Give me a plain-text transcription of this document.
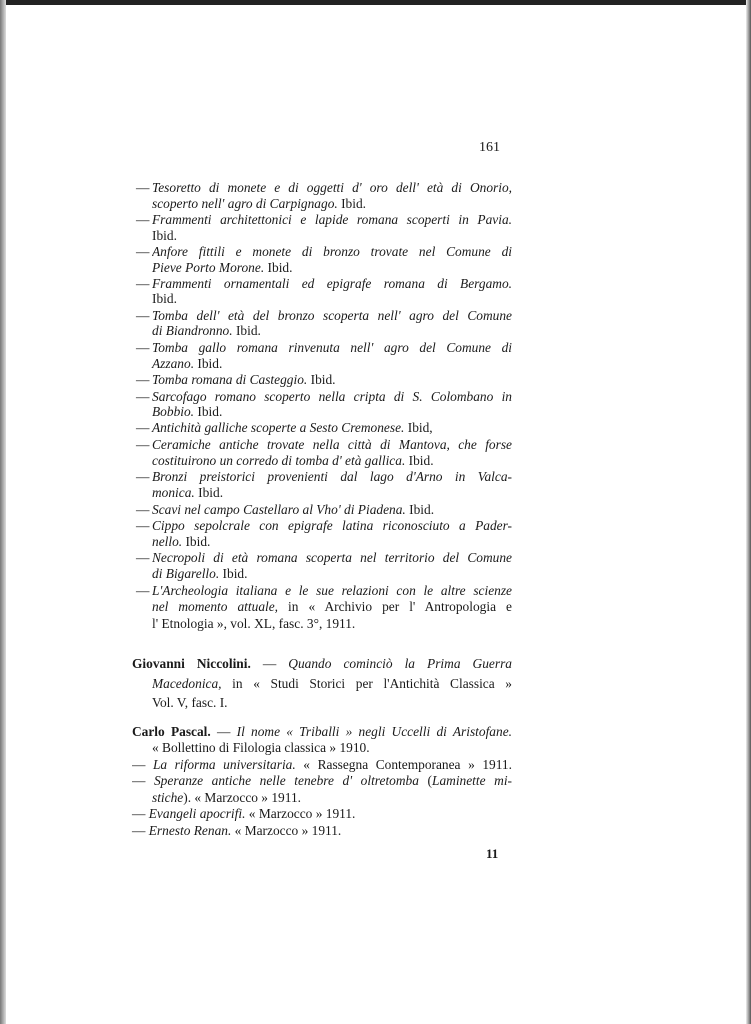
161
11
— Tesoretto di monete e di oggetti d' oro dell' età di Onorio,
scoperto nell' agro di Carpignago. Ibid.
— Frammenti architettonici e lapide romana scoperti in Pavia.
Ibid.
— Anfore fittili e monete di bronzo trovate nel Comune di
Pieve Porto Morone. Ibid.
— Frammenti ornamentali ed epigrafe romana di Bergamo.
Ibid.
— Tomba dell' età del bronzo scoperta nell' agro del Comune
di Biandronno. Ibid.
— Tomba gallo romana rinvenuta nell' agro del Comune di
Azzano. Ibid.
— Tomba romana di Casteggio. Ibid.
— Sarcofago romano scoperto nella cripta di S. Colombano in
Bobbio. Ibid.
— Antichità galliche scoperte a Sesto Cremonese. Ibid,
— Ceramiche antiche trovate nella città di Mantova, che forse
costituirono un corredo di tomba d' età gallica. Ibid.
— Bronzi preistorici provenienti dal lago d'Arno in Valca-
monica. Ibid.
— Scavi nel campo Castellaro al Vho' di Piadena. Ibid.
— Cippo sepolcrale con epigrafe latina riconosciuto a Pader-
nello. Ibid.
— Necropoli di età romana scoperta nel territorio del Comune
di Bigarello. Ibid.
— L'Archeologia italiana e le sue relazioni con le altre scienze
nel momento attuale, in « Archivio per l' Antropologia e
l' Etnologia », vol. XL, fasc. 3°, 1911.
Giovanni Niccolini. — Quando cominciò la Prima Guerra
Macedonica, in « Studi Storici per l'Antichità Classica »
Vol. V, fasc. I.
Carlo Pascal. — Il nome « Triballi » negli Uccelli di Aristofane.
« Bollettino di Filologia classica » 1910.
— La riforma universitaria. « Rassegna Contemporanea » 1911.
— Speranze antiche nelle tenebre d' oltretomba (Laminette mi-
stiche). « Marzocco » 1911.
— Evangeli apocrifi. « Marzocco » 1911.
— Ernesto Renan. « Marzocco » 1911.
